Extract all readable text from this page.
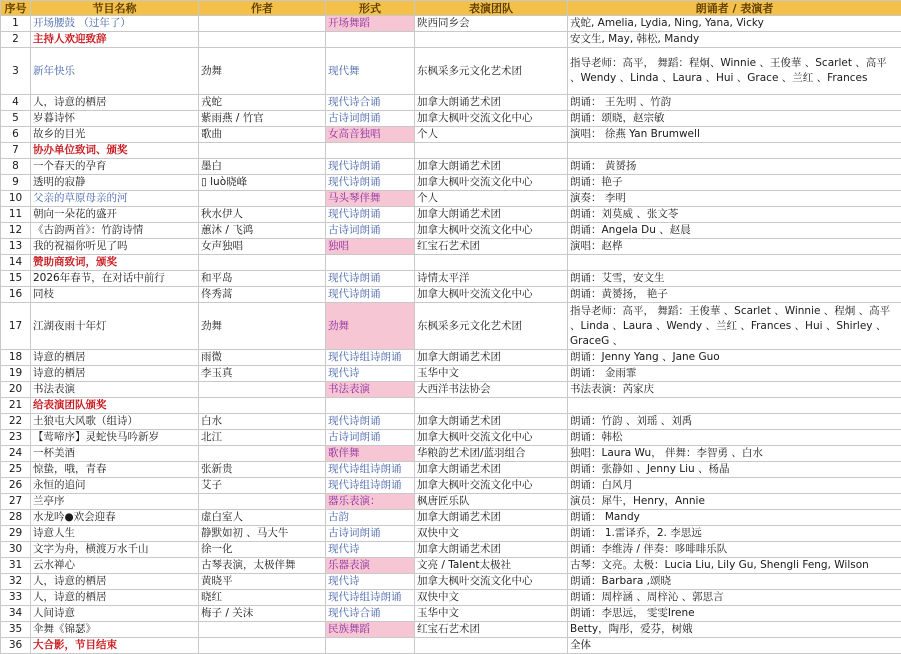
序号	节目名称	作者	形式	表演团队	朗诵者 / 表演者
1	开场腰鼓 （过年了）		开场舞蹈	陕西同乡会	戎蛇, Amelia, Lydia, Ning, Yana, Vicky
2	主持人欢迎致辞				安文生, May, 韩松, Mandy
3	新年快乐	劲舞	现代舞	东枫采多元文化艺术团	指导老师：高平， 舞蹈：程炯、Winnie 、王俊華 、Scarlet 、高平 、Wendy 、Linda 、Laura 、Hui 、Grace 、兰红 、Frances
4	人，诗意的栖居	戎蛇	现代诗合诵	加拿大朗诵艺术团	朗诵： 王先明 、竹韵
5	岁暮诗怀	紫雨燕 / 竹官	古诗词朗诵	加拿大枫叶交流文化中心	朗诵：颂晓，赵宗敏
6	故乡的目光	歌曲	女高音独唱	个人	演唱： 徐燕 Yan Brumwell
7	协办单位致词、颁奖				
8	一个春天的孕育	墨白	现代诗朗诵	加拿大朗诵艺术团	朗诵： 黄赟扬
9	透明的寂静	▯ luò晓峰	现代诗朗诵	加拿大枫叶交流文化中心	朗诵：艳子
10	父亲的草原母亲的河		马头琴伴舞	个人	演奏： 李明
11	朝向一朵花的盛开	秋水伊人	现代诗朗诵	加拿大朗诵艺术团	朗诵：刘莫威 、张文苓
12	《古韵两首》：竹韵诗情	蕙沐 / 飞鸿	古诗词朗诵	加拿大枫叶交流文化中心	朗诵：Angela Du 、赵晨
13	我的祝福你听见了吗	女声独唱	独唱	红宝石艺术团	演唱：赵桦
14	赞助商致词，颁奖				
15	2026年春节，在对话中前行	和平岛	现代诗朗诵	诗情太平洋	朗诵：艾雪，安文生
16	同枝	佟秀蒿	现代诗朗诵	加拿大枫叶交流文化中心	朗诵：黄赟扬， 艳子
17	江湖夜雨十年灯	劲舞	劲舞	东枫采多元文化艺术团	指导老师：高平， 舞蹈：王俊華 、Scarlet 、Winnie 、程炯 、高平 、Linda 、Laura 、Wendy 、兰红 、Frances 、Hui 、Shirley 、GraceG 、
18	诗意的栖居	雨微	现代诗组诗朗诵	加拿大朗诵艺术团	朗诵：Jenny Yang 、Jane Guo
19	诗意的栖居	李玉真	现代诗	玉华中文	朗诵： 金雨霏
20	书法表演		书法表演	大西洋书法协会	书法表演：芮家庆
21	给表演团队颁奖				
22	土狼屯大风歌（组诗）	白水	现代诗朗诵	加拿大朗诵艺术团	朗诵：竹韵 、刘瑶 、刘禹
23	【莺啼序】灵蛇快马吟新岁	北江	古诗词朗诵	加拿大枫叶交流文化中心	朗诵：韩松
24	一杯美酒		歌伴舞	华粮韵艺术团/蓝羽组合	独唱：Laura Wu， 伴舞：李智勇 、白水
25	惊蛰，哦，青春	张新贵	现代诗组诗朗诵	加拿大朗诵艺术团	朗诵：张静如 、Jenny Liu 、杨晶
26	永恒的追问	艾子	现代诗组诗朗诵	加拿大枫叶交流文化中心	朗诵：白风月
27	兰亭序		器乐表演：	枫唐匠乐队	演员：犀牛，Henry，Annie
28	水龙吟●欢会迎春	虚白室人	古韵	加拿大朗诵艺术团	朗诵： Mandy
29	诗意人生	静默如初 、马大牛	古诗词朗诵	双快中文	朗诵： 1.雷译乔，2. 李思远
30	文字为舟，横渡万水千山	徐一化	现代诗	加拿大朗诵艺术团	朗诵：李维涛 / 伴奏：哆啡啡乐队
31	云水禅心	古琴表演，太极伴舞	乐器表演	文亮 / Talent太极社	古琴：文亮。太极：Lucia Liu, Lily Gu, Shengli Feng, Wilson
32	人，诗意的栖居	黄晓平	现代诗	加拿大枫叶交流文化中心	朗诵：Barbara ,颂晓
33	人，诗意的栖居	晓红	现代诗组诗朗诵	双快中文	朗诵：周梓涵 、周梓沁 、郭思言
34	人间诗意	梅子 / 关沫	现代诗合诵	玉华中文	朗诵：李思远， 雯雯Irene
35	伞舞《锦瑟》		民族舞蹈	红宝石艺术团	Betty，陶彤，爱芬，树娥
36	大合影，节目结束				全体
